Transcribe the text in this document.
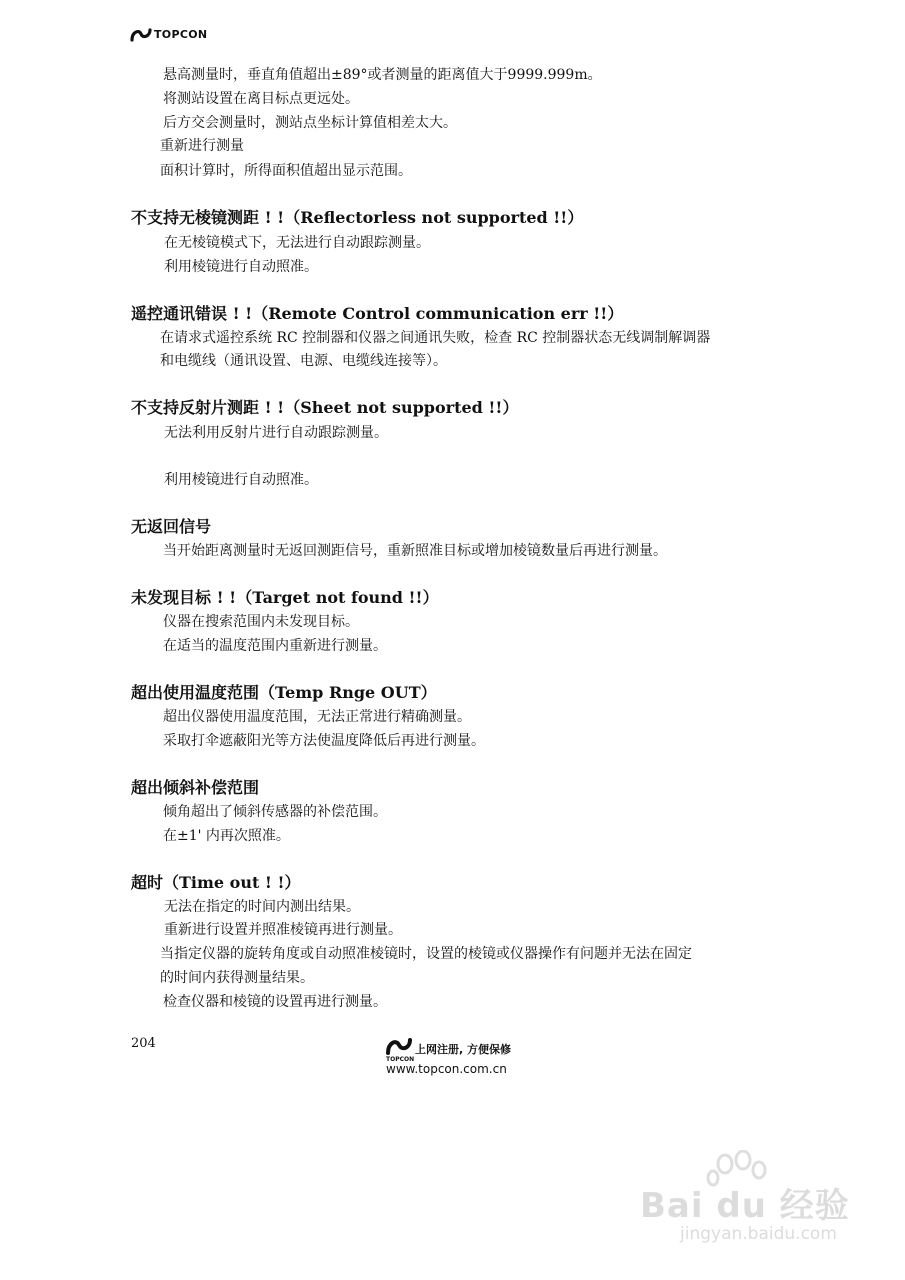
TOPCON
悬高测量时，垂直角值超出±89°或者测量的距离值大于9999.999m。
将测站设置在离目标点更远处。
后方交会测量时，测站点坐标计算值相差太大。
重新进行测量
面积计算时，所得面积值超出显示范围。
不支持无棱镜测距 ! !（Reflectorless not supported !!）
在无棱镜模式下，无法进行自动跟踪测量。
利用棱镜进行自动照准。
遥控通讯错误 ! !（Remote Control communication err !!）
在请求式遥控系统 RC 控制器和仪器之间通讯失败，检查 RC 控制器状态无线调制解调器
和电缆线（通讯设置、电源、电缆线连接等）。
不支持反射片测距 ! !（Sheet not supported !!）
无法利用反射片进行自动跟踪测量。
利用棱镜进行自动照准。
无返回信号
当开始距离测量时无返回测距信号，重新照准目标或增加棱镜数量后再进行测量。
未发现目标 ! !（Target not found !!）
仪器在搜索范围内未发现目标。
在适当的温度范围内重新进行测量。
超出使用温度范围（Temp Rnge OUT）
超出仪器使用温度范围，无法正常进行精确测量。
采取打伞遮蔽阳光等方法使温度降低后再进行测量。
超出倾斜补偿范围
倾角超出了倾斜传感器的补偿范围。
在±1' 内再次照准。
超时（Time out ! !）
无法在指定的时间内测出结果。
重新进行设置并照准棱镜再进行测量。
当指定仪器的旋转角度或自动照准棱镜时，设置的棱镜或仪器操作有问题并无法在固定
的时间内获得测量结果。
检查仪器和棱镜的设置再进行测量。
204
TOPCON
上网注册, 方便保修
www.topcon.com.cn
Bai du 经验
jingyan.baidu.com
